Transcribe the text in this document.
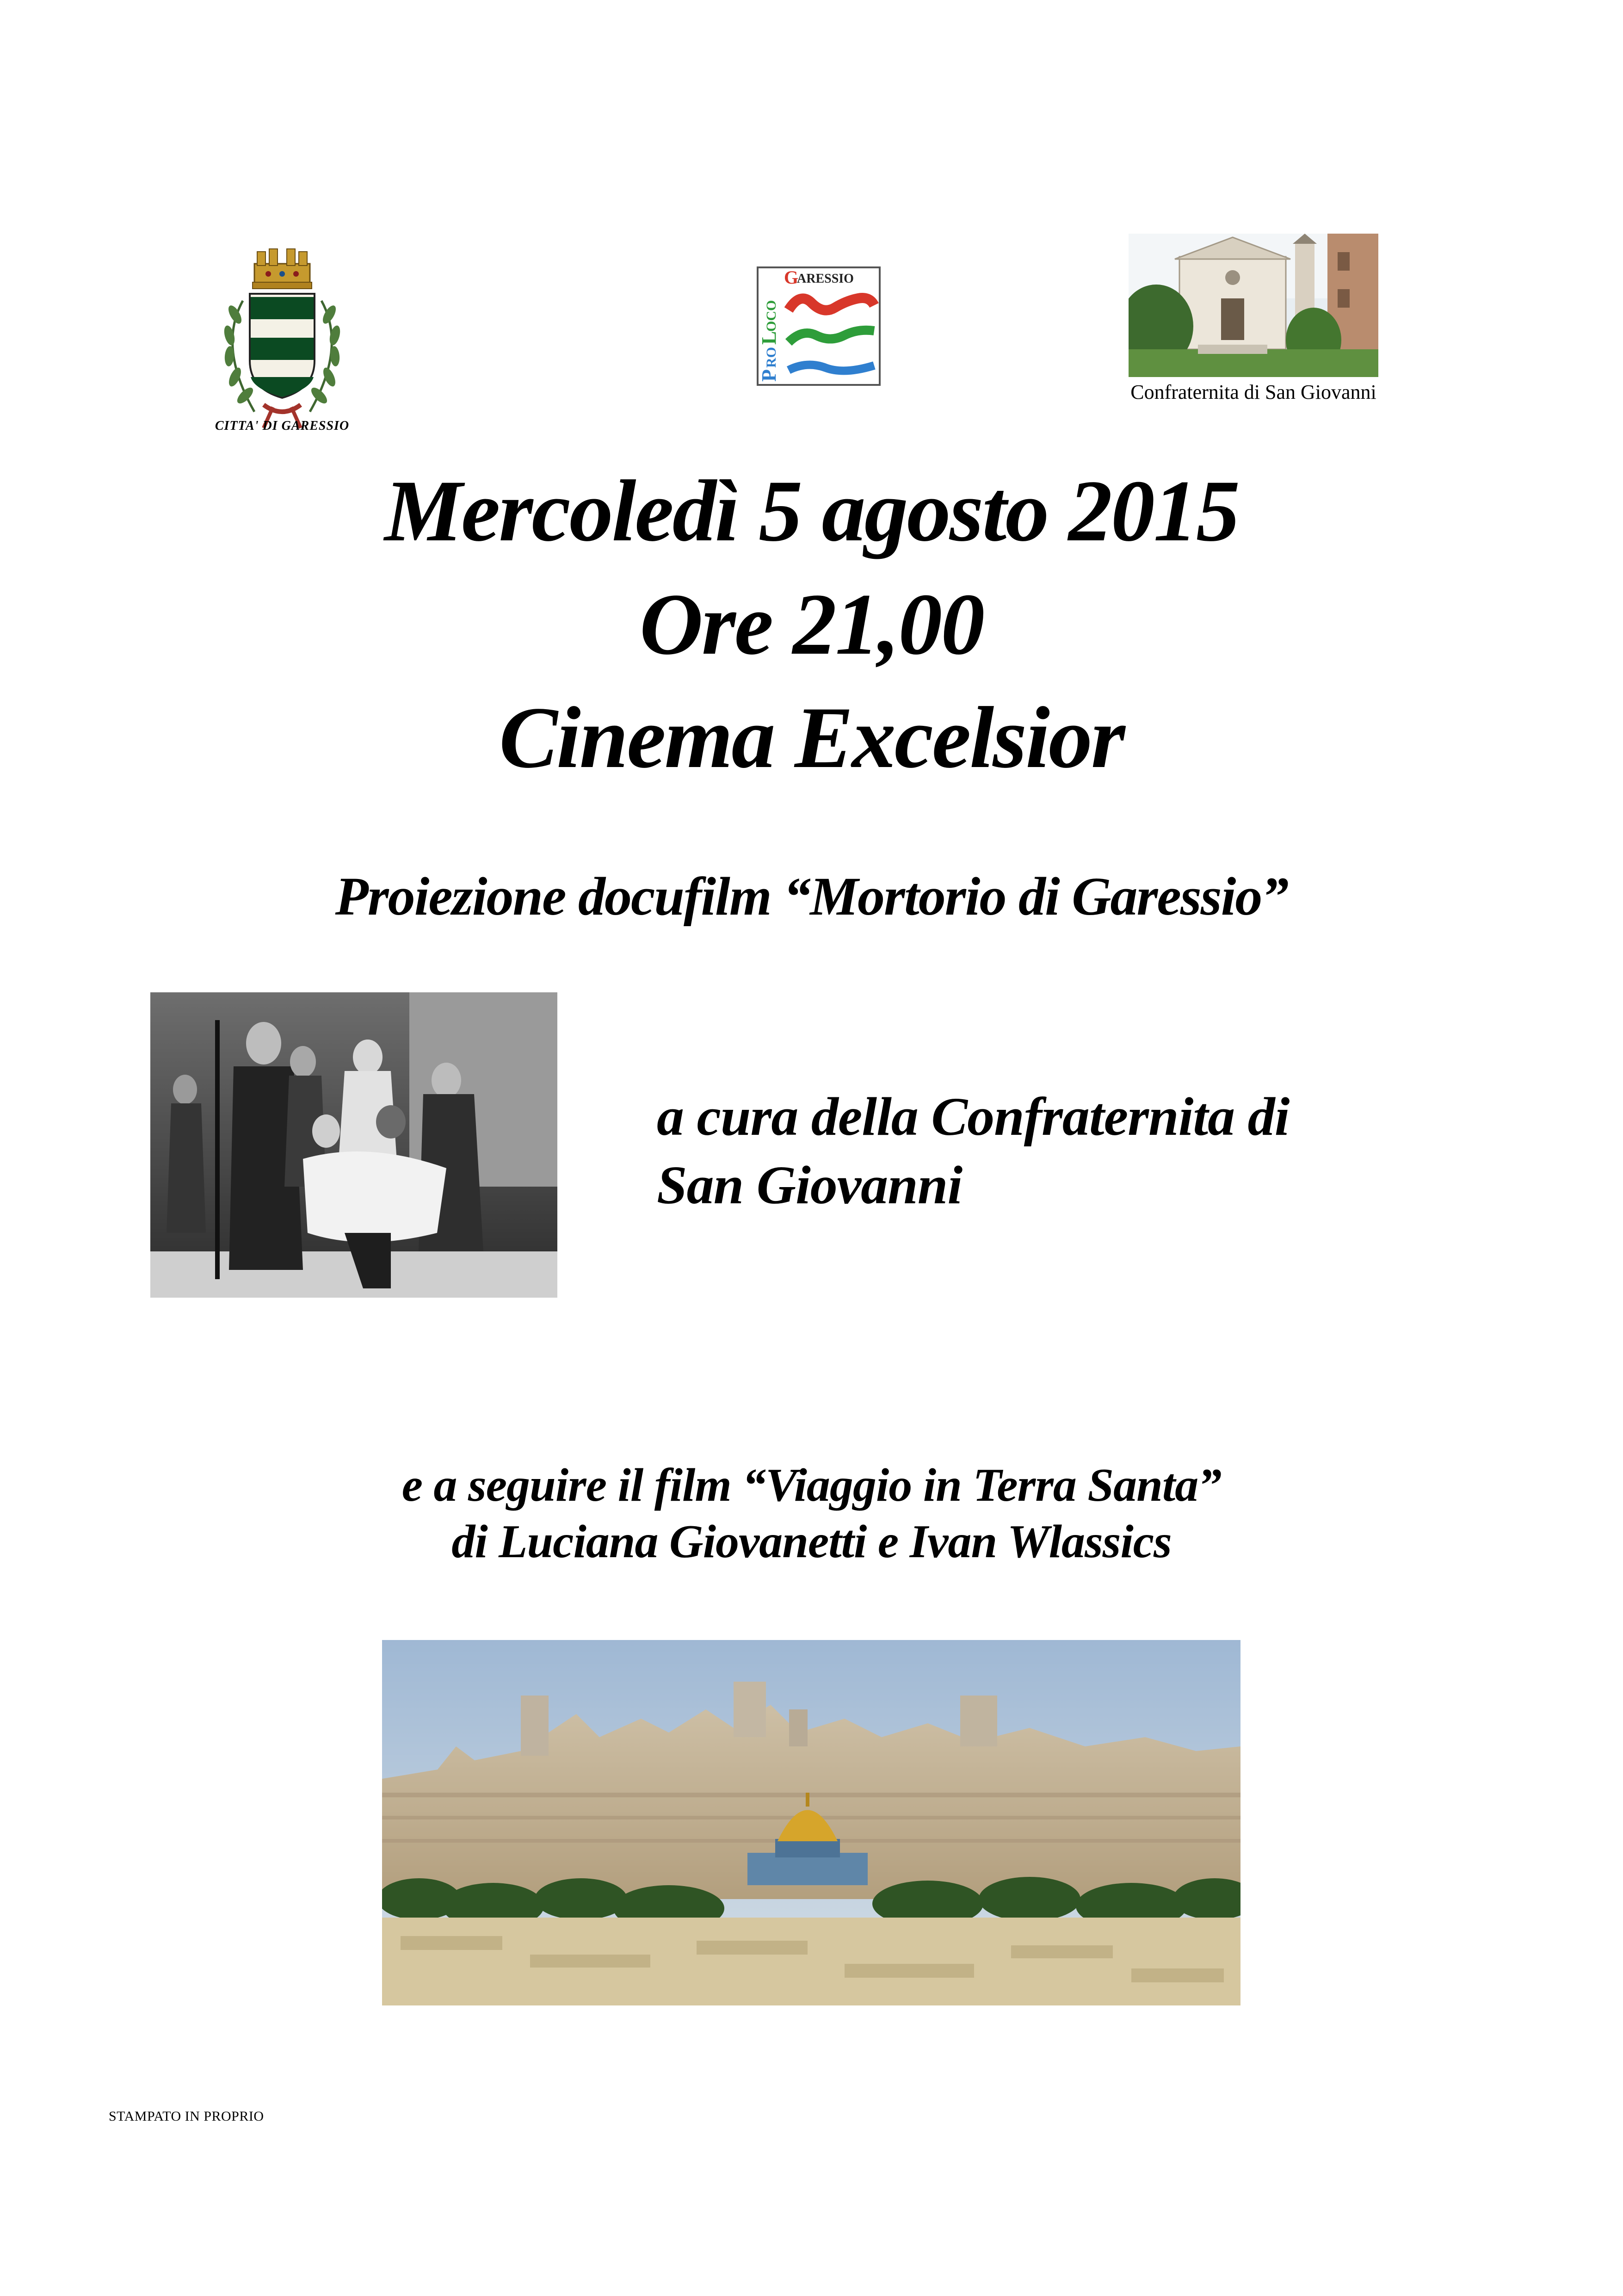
CITTA' DI GARESSIO
P
RO
L
OCO
G
ARESSIO
Confraternita di San Giovanni
Mercoledì 5 agosto 2015
Ore 21,00
Cinema Excelsior
Proiezione docufilm “Mortorio di Garessio”
a cura della Confraternita di
San Giovanni
e a seguire il film “Viaggio in Terra Santa”
di Luciana Giovanetti e Ivan Wlassics
STAMPATO IN PROPRIO
